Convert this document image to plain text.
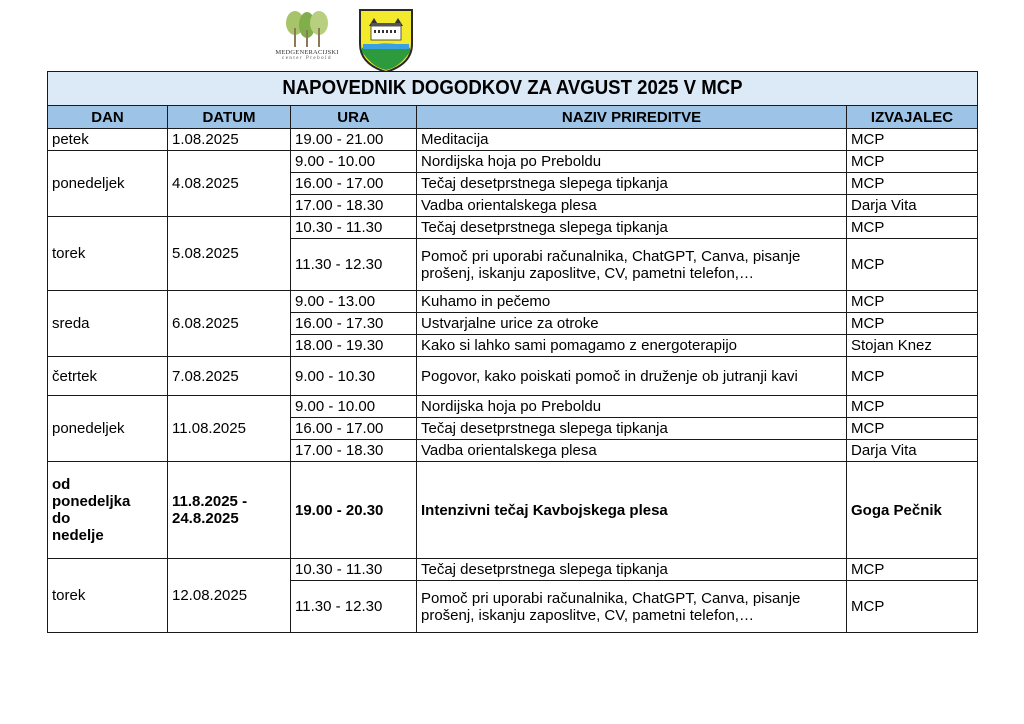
MEDGENERACIJSKI
center Prebold
NAPOVEDNIK DOGODKOV ZA AVGUST 2025 V MCP				
DAN	DATUM	URA	NAZIV PRIREDITVE	IZVAJALEC
petek	1.08.2025	19.00 - 21.00	Meditacija	MCP
ponedeljek	4.08.2025	9.00 - 10.00	Nordijska hoja po Preboldu	MCP
		16.00 - 17.00	Tečaj desetprstnega slepega tipkanja	MCP
		17.00 - 18.30	Vadba orientalskega plesa	Darja Vita
torek	5.08.2025	10.30 - 11.30	Tečaj desetprstnega slepega tipkanja	MCP
		11.30 - 12.30	Pomoč pri uporabi računalnika, ChatGPT, Canva, pisanje prošenj, iskanju zaposlitve, CV, pametni telefon,…	MCP
sreda	6.08.2025	9.00 - 13.00	Kuhamo in pečemo	MCP
		16.00 - 17.30	Ustvarjalne urice za otroke	MCP
		18.00 - 19.30	Kako si lahko sami pomagamo z energoterapijo	Stojan Knez
četrtek	7.08.2025	9.00 - 10.30	Pogovor, kako poiskati pomoč in druženje ob jutranji kavi	MCP
ponedeljek	11.08.2025	9.00 - 10.00	Nordijska hoja po Preboldu	MCP
		16.00 - 17.00	Tečaj desetprstnega slepega tipkanja	MCP
		17.00 - 18.30	Vadba orientalskega plesa	Darja Vita
od ponedeljka do nedelje	11.8.2025 - 24.8.2025	19.00 - 20.30	Intenzivni tečaj Kavbojskega plesa	Goga Pečnik
torek	12.08.2025	10.30 - 11.30	Tečaj desetprstnega slepega tipkanja	MCP
		11.30 - 12.30	Pomoč pri uporabi računalnika, ChatGPT, Canva, pisanje prošenj, iskanju zaposlitve, CV, pametni telefon,…	MCP
